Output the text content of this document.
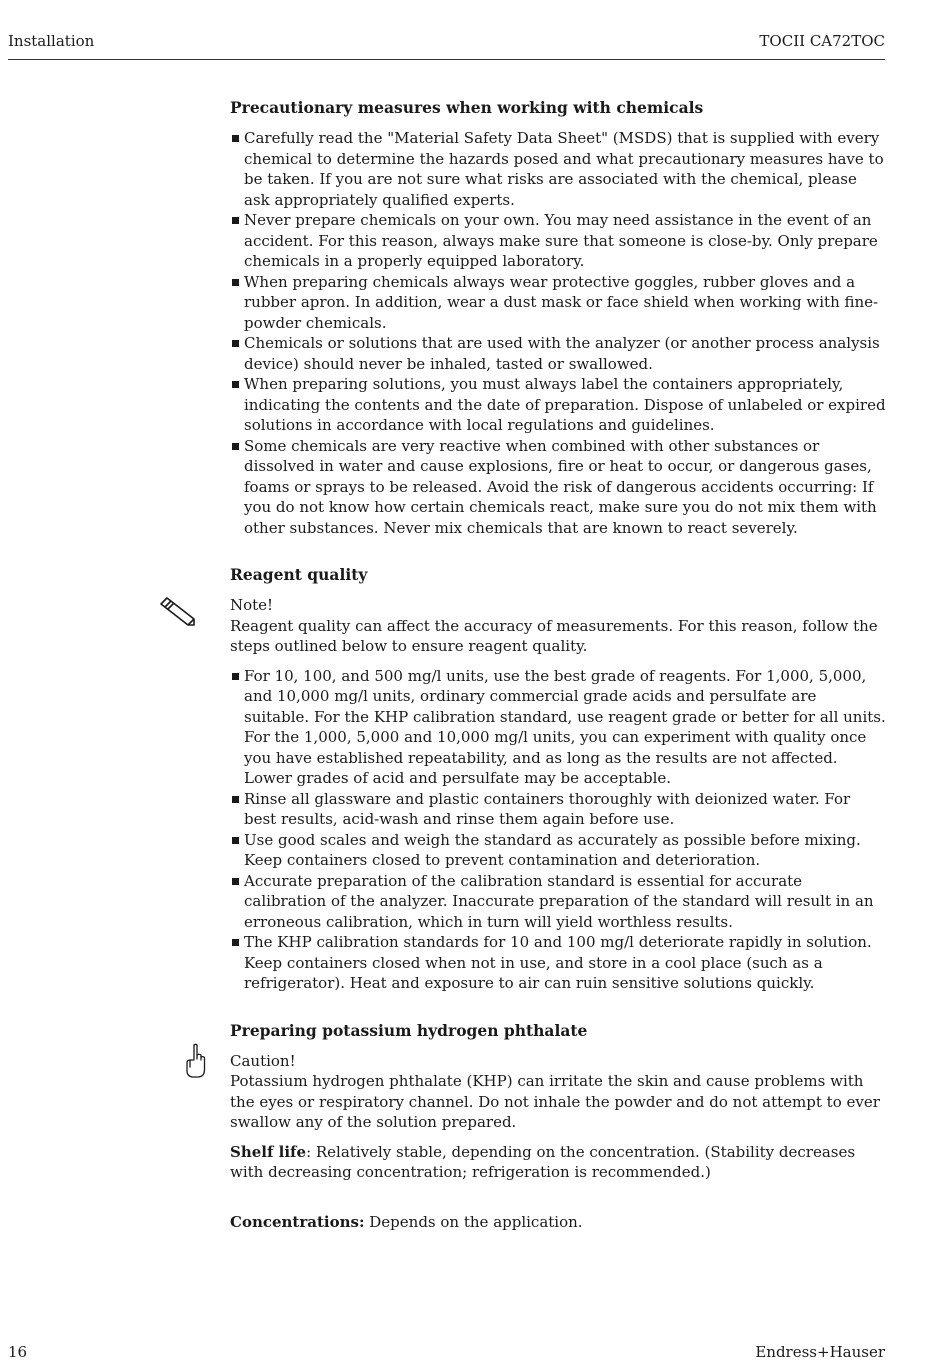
Installation	TOCII CA72TOC
Precautionary measures when working with chemicals
Carefully read the "Material Safety Data Sheet" (MSDS) that is supplied with every chemical to determine the hazards posed and what precautionary measures have to be taken. If you are not sure what risks are associated with the chemical, please ask appropriately qualified experts.
Never prepare chemicals on your own. You may need assistance in the event of an accident. For this reason, always make sure that someone is close-by. Only prepare chemicals in a properly equipped laboratory.
When preparing chemicals always wear protective goggles, rubber gloves and a rubber apron. In addition, wear a dust mask or face shield when working with fine-powder chemicals.
Chemicals or solutions that are used with the analyzer (or another process analysis device) should never be inhaled, tasted or swallowed.
When preparing solutions, you must always label the containers appropriately, indicating the contents and the date of preparation. Dispose of unlabeled or expired solutions in accordance with local regulations and guidelines.
Some chemicals are very reactive when combined with other substances or dissolved in water and cause explosions, fire or heat to occur, or dangerous gases, foams or sprays to be released. Avoid the risk of dangerous accidents occurring: If you do not know how certain chemicals react, make sure you do not mix them with other substances. Never mix chemicals that are known to react severely.
Reagent quality

Note!

Reagent quality can affect the accuracy of measurements. For this reason, follow the steps outlined below to ensure reagent quality.

For 10, 100, and 500 mg/l units, use the best grade of reagents. For 1,000, 5,000, and 10,000 mg/l units, ordinary commercial grade acids and persulfate are suitable. For the KHP calibration standard, use reagent grade or better for all units. For the 1,000, 5,000 and 10,000 mg/l units, you can experiment with quality once you have established repeatability, and as long as the results are not affected. Lower grades of acid and persulfate may be acceptable.
Rinse all glassware and plastic containers thoroughly with deionized water. For best results, acid-wash and rinse them again before use.
Use good scales and weigh the standard as accurately as possible before mixing. Keep containers closed to prevent contamination and deterioration.
Accurate preparation of the calibration standard is essential for accurate calibration of the analyzer. Inaccurate preparation of the standard will result in an erroneous calibration, which in turn will yield worthless results.
The KHP calibration standards for 10 and 100 mg/l deteriorate rapidly in solution. Keep containers closed when not in use, and store in a cool place (such as a refrigerator). Heat and exposure to air can ruin sensitive solutions quickly.
Preparing potassium hydrogen phthalate

Caution!

Potassium hydrogen phthalate (KHP) can irritate the skin and cause problems with the eyes or respiratory channel. Do not inhale the powder and do not attempt to ever swallow any of the solution prepared.

Shelf life: Relatively stable, depending on the concentration. (Stability decreases with decreasing concentration; refrigeration is recommended.)

Concentrations: Depends on the application.

16	Endress+Hauser
